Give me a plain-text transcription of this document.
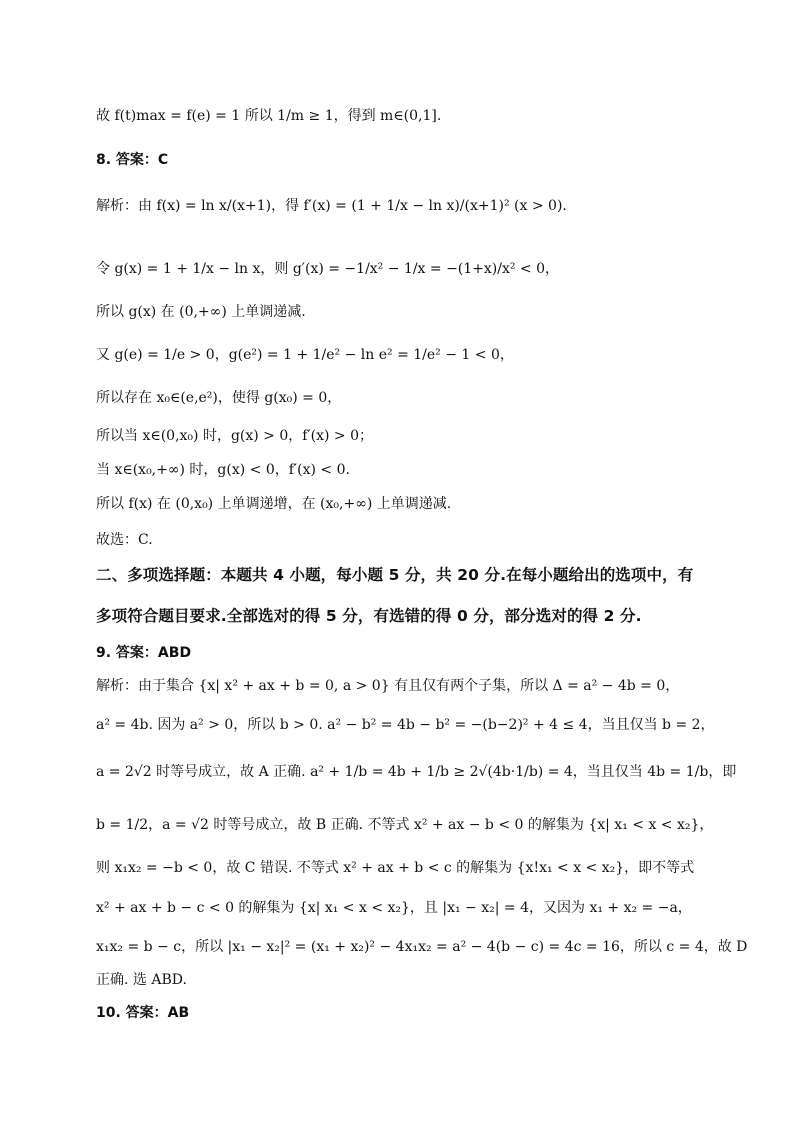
故 f(t)max = f(e) = 1 所以 1/m ≥ 1，得到 m∈(0,1].
8. 答案：C
解析：由 f(x) = ln x/(x+1)，得 f′(x) = (1 + 1/x − ln x)/(x+1)² (x > 0).
令 g(x) = 1 + 1/x − ln x，则 g′(x) = −1/x² − 1/x = −(1+x)/x² < 0，
所以 g(x) 在 (0,+∞) 上单调递减.
又 g(e) = 1/e > 0，g(e²) = 1 + 1/e² − ln e² = 1/e² − 1 < 0，
所以存在 x₀∈(e,e²)，使得 g(x₀) = 0，
所以当 x∈(0,x₀) 时，g(x) > 0，f′(x) > 0；
当 x∈(x₀,+∞) 时，g(x) < 0，f′(x) < 0.
所以 f(x) 在 (0,x₀) 上单调递增，在 (x₀,+∞) 上单调递减.
故选：C.
二、多项选择题：本题共 4 小题，每小题 5 分，共 20 分.在每小题给出的选项中，有
多项符合题目要求.全部选对的得 5 分，有选错的得 0 分，部分选对的得 2 分.
9. 答案：ABD
解析：由于集合 {x| x² + ax + b = 0, a > 0} 有且仅有两个子集，所以 Δ = a² − 4b = 0，
a² = 4b. 因为 a² > 0，所以 b > 0. a² − b² = 4b − b² = −(b−2)² + 4 ≤ 4，当且仅当 b = 2，
a = 2√2 时等号成立，故 A 正确. a² + 1/b = 4b + 1/b ≥ 2√(4b·1/b) = 4，当且仅当 4b = 1/b，即
b = 1/2，a = √2 时等号成立，故 B 正确. 不等式 x² + ax − b < 0 的解集为 {x| x₁ < x < x₂}，
则 x₁x₂ = −b < 0，故 C 错误. 不等式 x² + ax + b < c 的解集为 {x!x₁ < x < x₂}，即不等式
x² + ax + b − c < 0 的解集为 {x| x₁ < x < x₂}，且 |x₁ − x₂| = 4，又因为 x₁ + x₂ = −a，
x₁x₂ = b − c，所以 |x₁ − x₂|² = (x₁ + x₂)² − 4x₁x₂ = a² − 4(b − c) = 4c = 16，所以 c = 4，故 D
正确. 选 ABD.
10. 答案：AB
